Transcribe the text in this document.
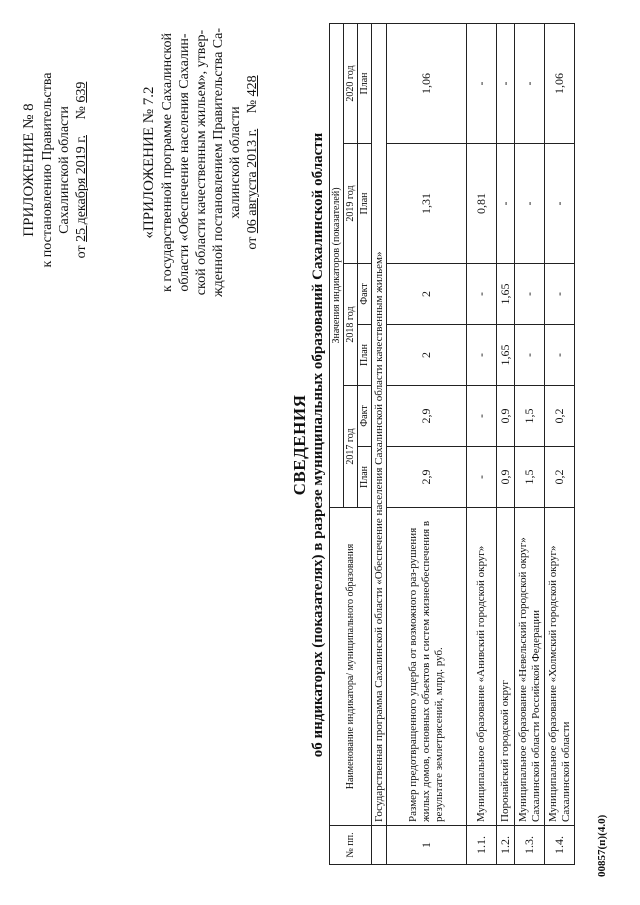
ПРИЛОЖЕНИЕ № 8 к постановлению Правительства Сахалинской области
от 25 декабря 2019 г. № 639	«ПРИЛОЖЕНИЕ № 7.2 к государственной программе Сахалинской области «Обеспечение населения Сахалин- ской области качественным жильем», утвер- жденной постановлением Правительства Са- халинской области
от 06 августа 2013 г. № 428
СВЕДЕНИЯ об индикаторах (показателях) в разрезе муниципальных образований Сахалинской области
№ пп.	Наименование индикатора/ муниципального образования	Значения индикаторов (показателей)					
		2017 год		2018 год		2019 год	2020 год
		План	Факт	План	Факт	План	План
	Государственная программа Сахалинской области «Обеспечение населения Сахалинской области качественным жильем»						
1	Размер предотвращенного ущерба от возможного раз-рушения жилых домов, основных объектов и систем жизнеобеспечения в результате землетрясений, млрд. руб.	2,9	2,9	2	2	1,31	1,06
1.1.	Муниципальное образование «Анивский городской округ»	-	-	-	-	0,81	-
1.2.	Поронайский городской округ	0,9	0,9	1,65	1,65	-	-
1.3.	Муниципальное образование «Невельский городской округ» Сахалинской области Российской Федерации	1,5	1,5	-	-	-	-
1.4.	Муниципальное образование «Холмский городской округ» Сахалинской области	0,2	0,2	-	-	-	1,06
00857(п)(4.0)
